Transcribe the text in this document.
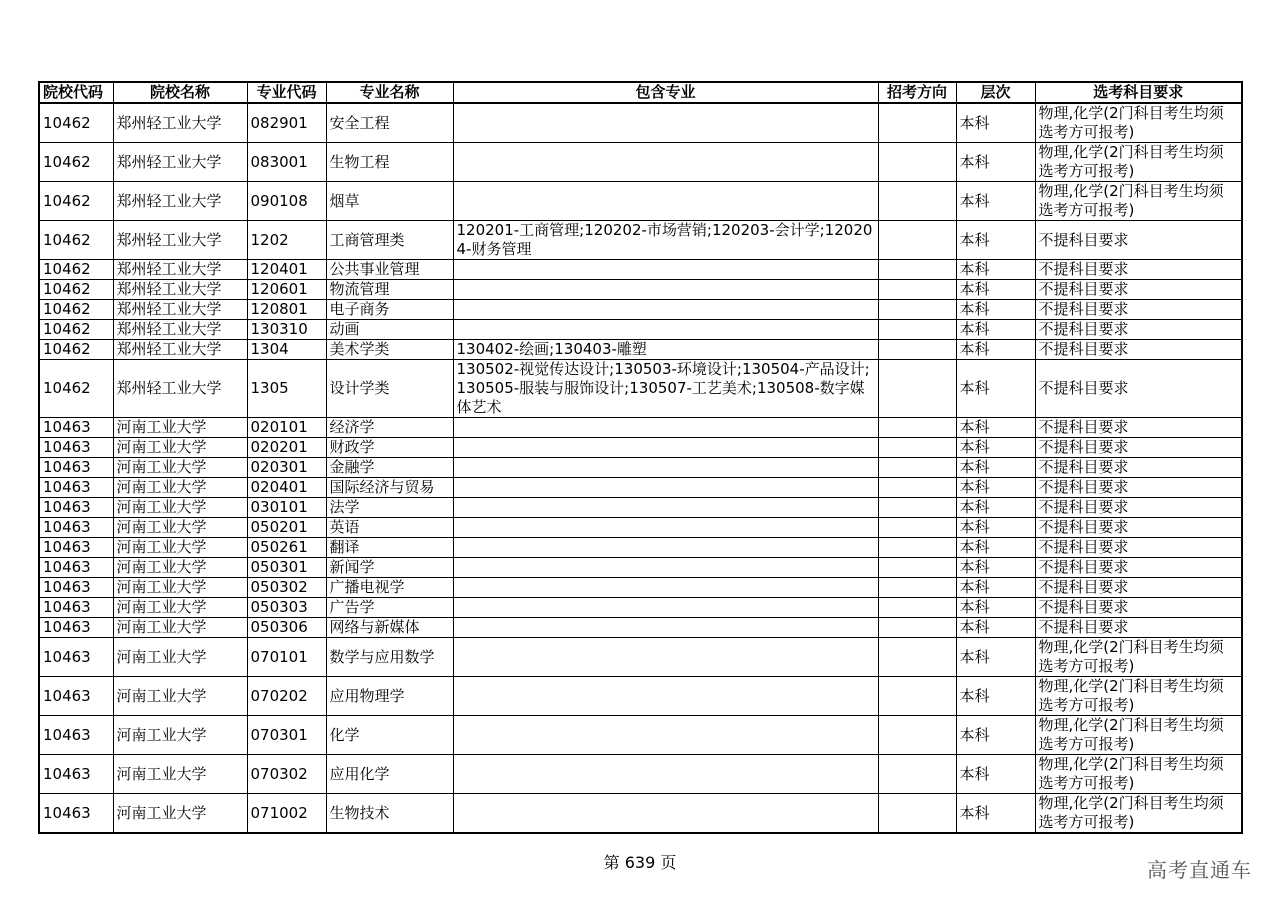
院校代码	院校名称	专业代码	专业名称	包含专业	招考方向	层次	选考科目要求
10462	郑州轻工业大学	082901	安全工程			本科	物理,化学(2门科目考生均须选考方可报考)
10462	郑州轻工业大学	083001	生物工程			本科	物理,化学(2门科目考生均须选考方可报考)
10462	郑州轻工业大学	090108	烟草			本科	物理,化学(2门科目考生均须选考方可报考)
10462	郑州轻工业大学	1202	工商管理类	120201-工商管理;120202-市场营销;120203-会计学;120204-财务管理		本科	不提科目要求
10462	郑州轻工业大学	120401	公共事业管理			本科	不提科目要求
10462	郑州轻工业大学	120601	物流管理			本科	不提科目要求
10462	郑州轻工业大学	120801	电子商务			本科	不提科目要求
10462	郑州轻工业大学	130310	动画			本科	不提科目要求
10462	郑州轻工业大学	1304	美术学类	130402-绘画;130403-雕塑		本科	不提科目要求
10462	郑州轻工业大学	1305	设计学类	130502-视觉传达设计;130503-环境设计;130504-产品设计;130505-服装与服饰设计;130507-工艺美术;130508-数字媒体艺术		本科	不提科目要求
10463	河南工业大学	020101	经济学			本科	不提科目要求
10463	河南工业大学	020201	财政学			本科	不提科目要求
10463	河南工业大学	020301	金融学			本科	不提科目要求
10463	河南工业大学	020401	国际经济与贸易			本科	不提科目要求
10463	河南工业大学	030101	法学			本科	不提科目要求
10463	河南工业大学	050201	英语			本科	不提科目要求
10463	河南工业大学	050261	翻译			本科	不提科目要求
10463	河南工业大学	050301	新闻学			本科	不提科目要求
10463	河南工业大学	050302	广播电视学			本科	不提科目要求
10463	河南工业大学	050303	广告学			本科	不提科目要求
10463	河南工业大学	050306	网络与新媒体			本科	不提科目要求
10463	河南工业大学	070101	数学与应用数学			本科	物理,化学(2门科目考生均须选考方可报考)
10463	河南工业大学	070202	应用物理学			本科	物理,化学(2门科目考生均须选考方可报考)
10463	河南工业大学	070301	化学			本科	物理,化学(2门科目考生均须选考方可报考)
10463	河南工业大学	070302	应用化学			本科	物理,化学(2门科目考生均须选考方可报考)
10463	河南工业大学	071002	生物技术			本科	物理,化学(2门科目考生均须选考方可报考)
第 639 页	高考直通车
